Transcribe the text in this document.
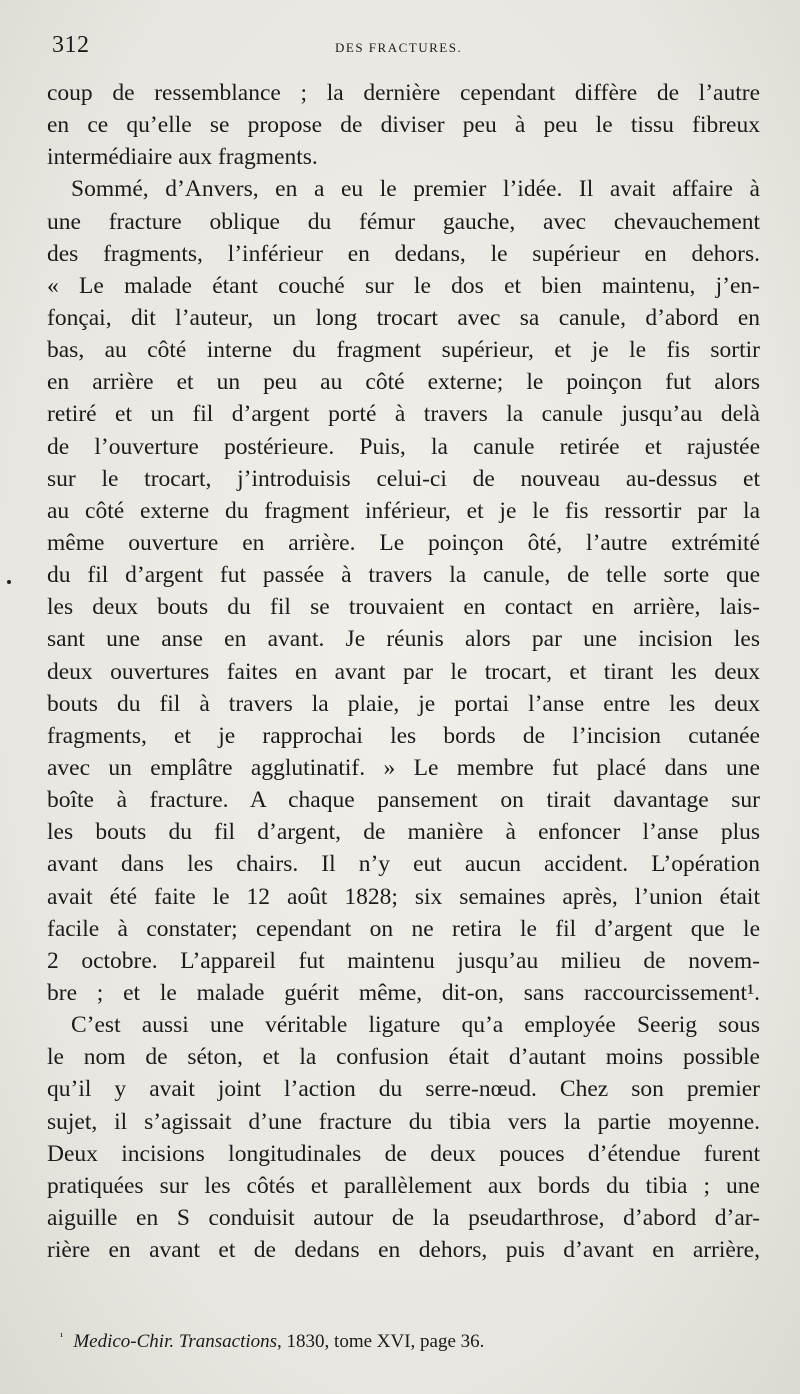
312	DES FRACTURES.
coup de ressemblance ; la dernière cependant diffère de l’autre
en ce qu’elle se propose de diviser peu à peu le tissu fibreux
intermédiaire aux fragments.
Sommé, d’Anvers, en a eu le premier l’idée. Il avait affaire à
une fracture oblique du fémur gauche, avec chevauchement
des fragments, l’inférieur en dedans, le supérieur en dehors.
« Le malade étant couché sur le dos et bien maintenu, j’en-
fonçai, dit l’auteur, un long trocart avec sa canule, d’abord en
bas, au côté interne du fragment supérieur, et je le fis sortir
en arrière et un peu au côté externe; le poinçon fut alors
retiré et un fil d’argent porté à travers la canule jusqu’au delà
de l’ouverture postérieure. Puis, la canule retirée et rajustée
sur le trocart, j’introduisis celui-ci de nouveau au-dessus et
au côté externe du fragment inférieur, et je le fis ressortir par la
même ouverture en arrière. Le poinçon ôté, l’autre extrémité
du fil d’argent fut passée à travers la canule, de telle sorte que
les deux bouts du fil se trouvaient en contact en arrière, lais-
sant une anse en avant. Je réunis alors par une incision les
deux ouvertures faites en avant par le trocart, et tirant les deux
bouts du fil à travers la plaie, je portai l’anse entre les deux
fragments, et je rapprochai les bords de l’incision cutanée
avec un emplâtre agglutinatif. » Le membre fut placé dans une
boîte à fracture. A chaque pansement on tirait davantage sur
les bouts du fil d’argent, de manière à enfoncer l’anse plus
avant dans les chairs. Il n’y eut aucun accident. L’opération
avait été faite le 12 août 1828; six semaines après, l’union était
facile à constater; cependant on ne retira le fil d’argent que le
2 octobre. L’appareil fut maintenu jusqu’au milieu de novem-
bre ; et le malade guérit même, dit-on, sans raccourcissement¹.
C’est aussi une véritable ligature qu’a employée Seerig sous
le nom de séton, et la confusion était d’autant moins possible
qu’il y avait joint l’action du serre-nœud. Chez son premier
sujet, il s’agissait d’une fracture du tibia vers la partie moyenne.
Deux incisions longitudinales de deux pouces d’étendue furent
pratiquées sur les côtés et parallèlement aux bords du tibia ; une
aiguille en S conduisit autour de la pseudarthrose, d’abord d’ar-
rière en avant et de dedans en dehors, puis d’avant en arrière,
$^{^1}$ Medico-Chir. Transactions, 1830, tome XVI, page 36.
